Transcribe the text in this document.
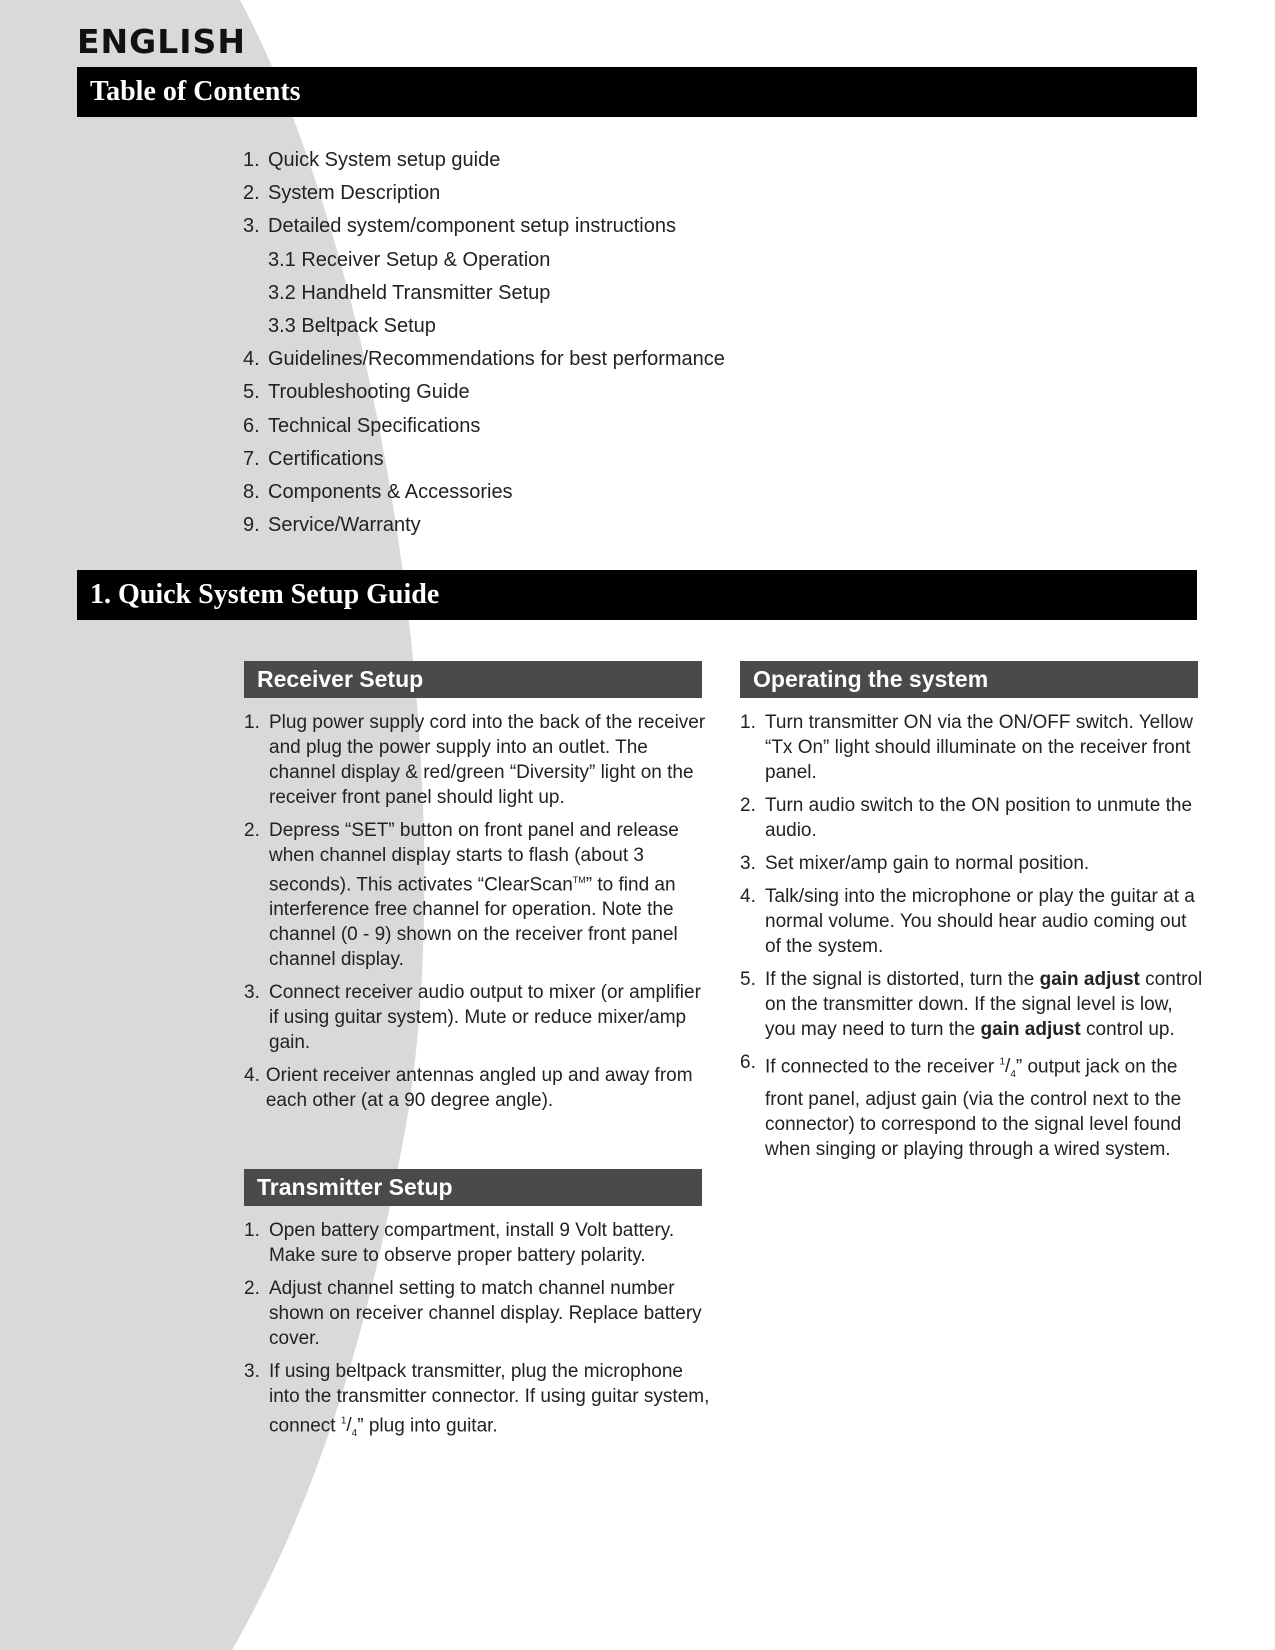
ENGLISH
Table of Contents
1. Quick System setup guide
2. System Description
3. Detailed system/component setup instructions
3.1 Receiver Setup & Operation
3.2 Handheld Transmitter Setup
3.3 Beltpack Setup
4. Guidelines/Recommendations for best performance
5. Troubleshooting Guide
6. Technical Specifications
7. Certifications
8. Components & Accessories
9. Service/Warranty
1. Quick System Setup Guide
Receiver Setup
1. Plug power supply cord into the back of the receiver and plug the power supply into an outlet. The channel display & red/green “Diversity” light on the receiver front panel should light up.
2. Depress “SET” button on front panel and release when channel display starts to flash (about 3 seconds). This activates “ClearScan™” to find an interference free channel for operation. Note the channel (0 - 9) shown on the receiver front panel channel display.
3. Connect receiver audio output to mixer (or amplifier if using guitar system). Mute or reduce mixer/amp gain.
4. Orient receiver antennas angled up and away from each other (at a 90 degree angle).
Operating the system
1. Turn transmitter ON via the ON/OFF switch. Yellow “Tx On” light should illuminate on the receiver front panel.
2. Turn audio switch to the ON position to unmute the audio.
3. Set mixer/amp gain to normal position.
4. Talk/sing into the microphone or play the guitar at a normal volume. You should hear audio coming out of the system.
5. If the signal is distorted, turn the gain adjust control on the transmitter down. If the signal level is low, you may need to turn the gain adjust control up.
6. If connected to the receiver $^1/_4$” output jack on the front panel, adjust gain (via the control next to the connector) to correspond to the signal level found when singing or playing through a wired system.
Transmitter Setup
1. Open battery compartment, install 9 Volt battery. Make sure to observe proper battery polarity.
2. Adjust channel setting to match channel number shown on receiver channel display. Replace battery cover.
3. If using beltpack transmitter, plug the microphone into the transmitter connector. If using guitar system, connect $^1/_4$” plug into guitar.
